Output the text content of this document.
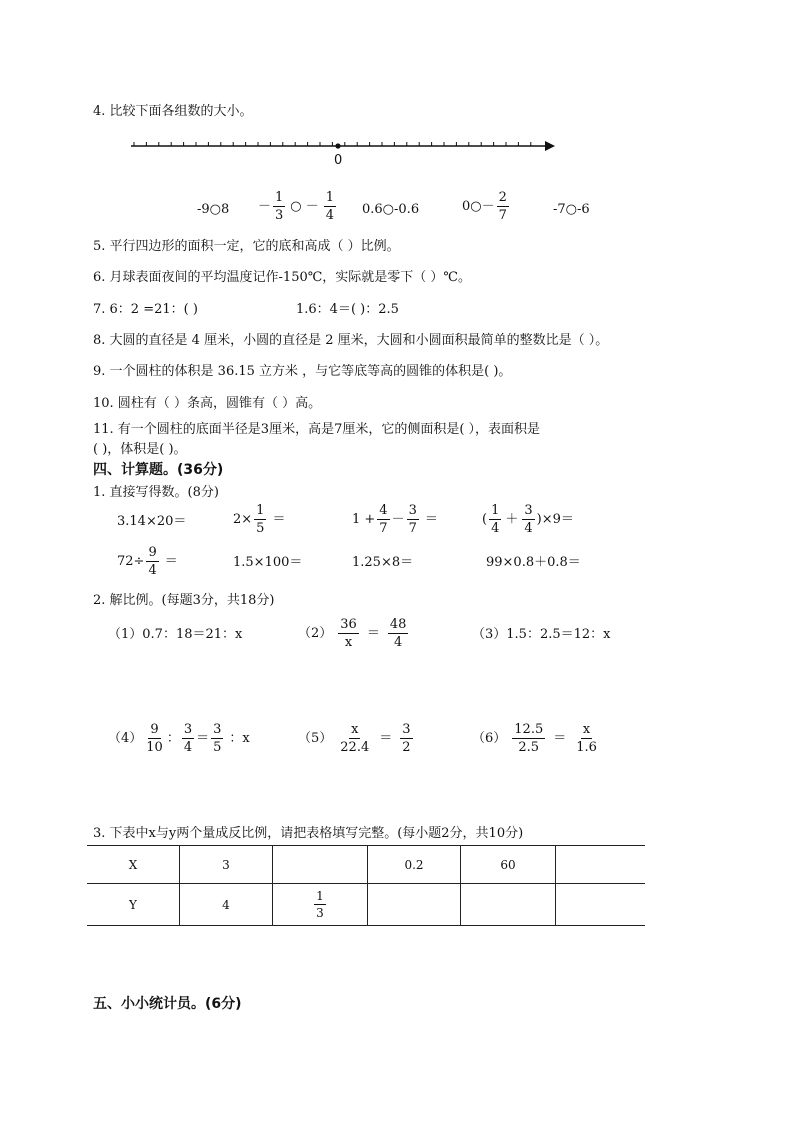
4. 比较下面各组数的大小。
0
-9○8 － $\frac{1}{3}$ ○ － $\frac{1}{4}$ 0.6○-0.6	0○－ $\frac{2}{7}$	-7○-6
5. 平行四边形的面积一定，它的底和高成（ ）比例。
6. 月球表面夜间的平均温度记作-150℃，实际就是零下（ ）℃。
7. 6：2 =21：( )	1.6：4＝( )：2.5
8. 大圆的直径是 4 厘米，小圆的直径是 2 厘米，大圆和小圆面积最简单的整数比是（ ）。
9. 一个圆柱的体积是 36.15 立方米 ，与它等底等高的圆锥的体积是( )。
10. 圆柱有（ ）条高，圆锥有（ ）高。
11. 有一个圆柱的底面半径是3厘米，高是7厘米，它的侧面积是( ），表面积是
( )，体积是( )。
四、计算题。(36分)
1. 直接写得数。(8分)
3.14×20＝	$2\times \frac{1}{5}$ ＝	$1 + \frac{4}{7} - \frac{3}{7}$ ＝	( $\frac{1}{4} + \frac{3}{4} )\times 9=$
$72\div \frac{9}{4}$ ＝	1.5×100＝	1.25×8＝	99×0.8＋0.8＝
2. 解比例。(每题3分，共18分)
（1）0.7：18＝21：x	$(2) \frac{36}{x} = \frac{48}{4}$	（3）1.5：2.5＝12：x
$(4) \frac{9}{10}$ ： $\frac{3}{4} = \frac{3}{5}$ ：x	$(5) \frac{x}{22.4} = \frac{3}{2}$	$(6) \frac{12.5}{2.5} = \frac{x}{1.6}$
3. 下表中x与y两个量成反比例，请把表格填写完整。(每小题2分，共10分)
X	3		0.2	60	
Y	4	$\frac{1}{3}$

五、小小统计员。(6分)
